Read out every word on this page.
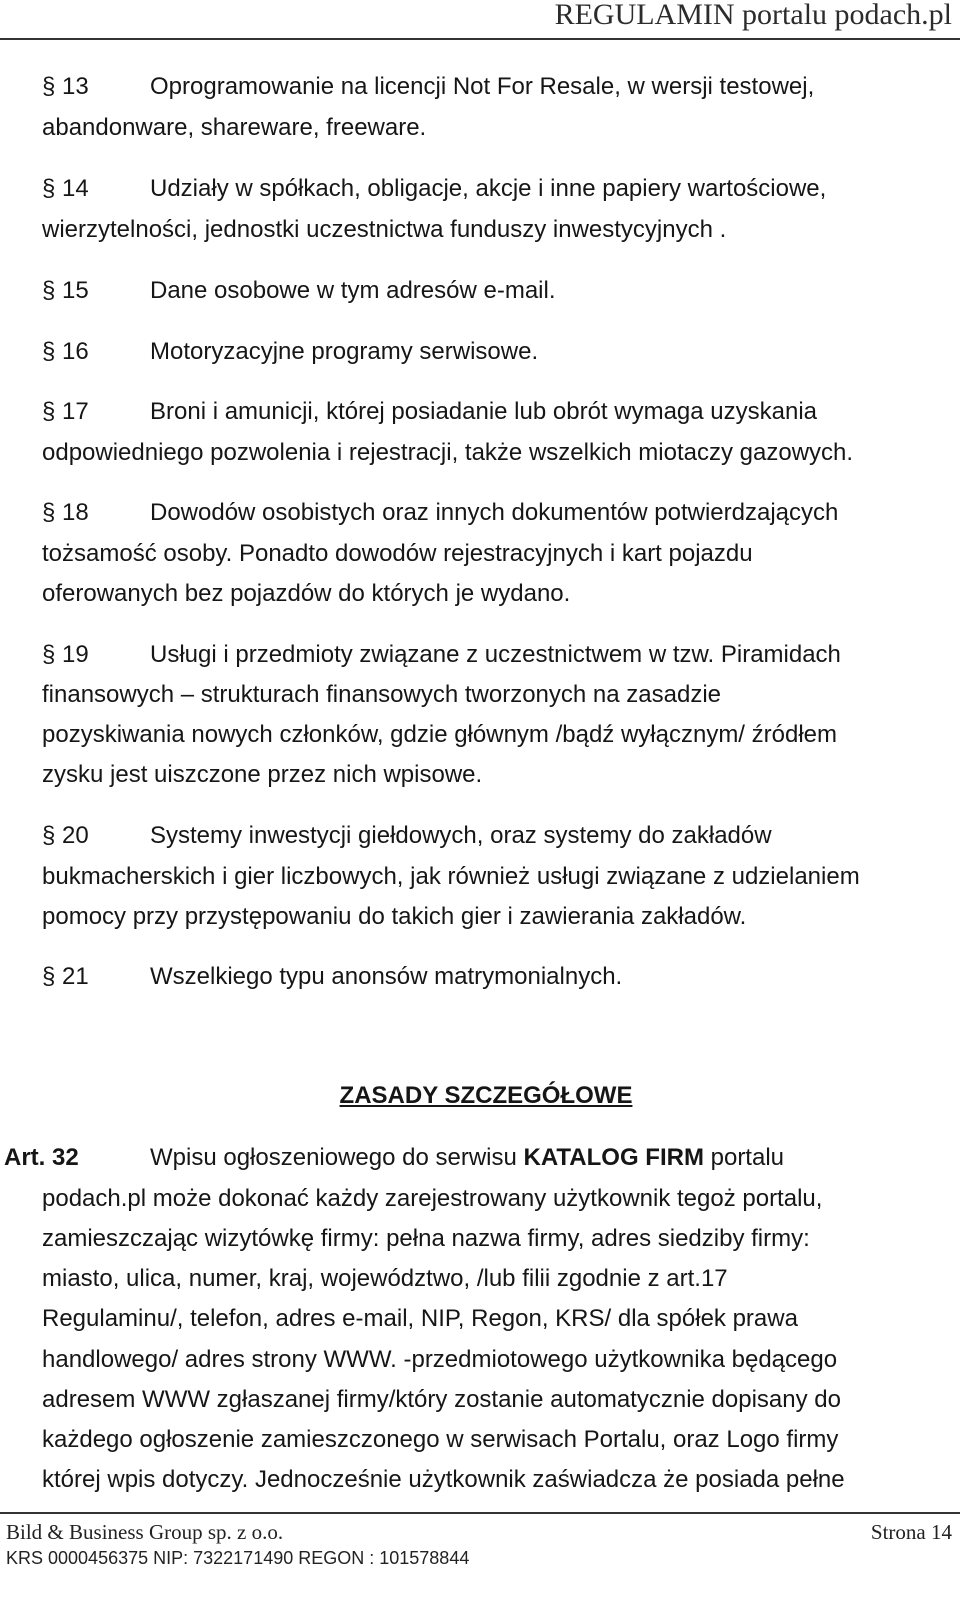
REGULAMIN portalu podach.pl
§ 13	Oprogramowanie na licencji Not For Resale, w wersji testowej,
abandonware, shareware, freeware.
§ 14	Udziały w spółkach, obligacje, akcje i inne papiery wartościowe,
wierzytelności, jednostki uczestnictwa funduszy inwestycyjnych .
§ 15	Dane osobowe w tym adresów e-mail.
§ 16	Motoryzacyjne programy serwisowe.
§ 17	Broni i amunicji, której posiadanie lub obrót wymaga uzyskania
odpowiedniego pozwolenia i rejestracji, także wszelkich miotaczy gazowych.
§ 18	Dowodów osobistych oraz innych dokumentów potwierdzających
tożsamość osoby. Ponadto dowodów rejestracyjnych i kart pojazdu
oferowanych bez pojazdów do których je wydano.
§ 19	Usługi i przedmioty związane z uczestnictwem w tzw. Piramidach
finansowych – strukturach finansowych tworzonych na zasadzie
pozyskiwania nowych członków, gdzie głównym /bądź wyłącznym/ źródłem
zysku jest uiszczone przez nich wpisowe.
§ 20	Systemy inwestycji giełdowych, oraz systemy do zakładów
bukmacherskich i gier liczbowych, jak również usługi związane z udzielaniem
pomocy przy przystępowaniu do takich gier i zawierania zakładów.
§ 21	Wszelkiego typu anonsów matrymonialnych.
ZASADY SZCZEGÓŁOWE
Art. 32	Wpisu ogłoszeniowego do serwisu KATALOG FIRM portalu
podach.pl może dokonać każdy zarejestrowany użytkownik tegoż portalu,
zamieszczając wizytówkę firmy: pełna nazwa firmy, adres siedziby firmy:
miasto, ulica, numer, kraj, województwo, /lub filii zgodnie z art.17
Regulaminu/, telefon, adres e-mail, NIP, Regon, KRS/ dla spółek prawa
handlowego/ adres strony WWW. -przedmiotowego użytkownika będącego
adresem WWW zgłaszanej firmy/który zostanie automatycznie dopisany do
każdego ogłoszenie zamieszczonego w serwisach Portalu, oraz Logo firmy
której wpis dotyczy. Jednocześnie użytkownik zaświadcza że posiada pełne
Bild & Business Group sp. z o.o.	Strona 14
KRS 0000456375 NIP: 7322171490 REGON : 101578844
